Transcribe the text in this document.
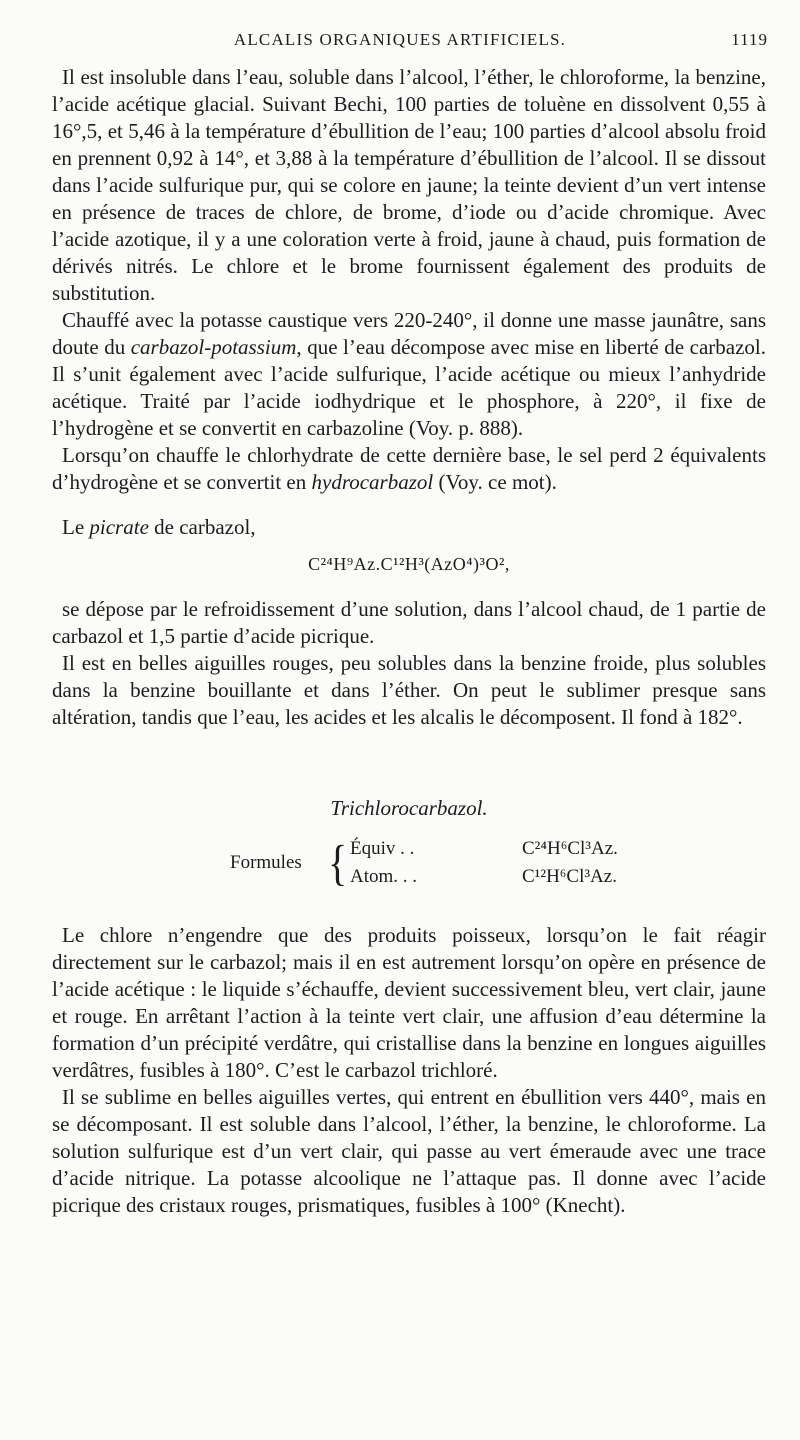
ALCALIS ORGANIQUES ARTIFICIELS.	1119

Il est insoluble dans l’eau, soluble dans l’alcool, l’éther, le chloroforme, la benzine, l’acide acétique glacial. Suivant Bechi, 100 parties de toluène en dissolvent 0,55 à 16°,5, et 5,46 à la température d’ébullition de l’eau; 100 parties d’alcool absolu froid en prennent 0,92 à 14°, et 3,88 à la température d’ébullition de l’alcool. Il se dissout dans l’acide sulfurique pur, qui se colore en jaune; la teinte devient d’un vert intense en présence de traces de chlore, de brome, d’iode ou d’acide chromique. Avec l’acide azotique, il y a une coloration verte à froid, jaune à chaud, puis formation de dérivés nitrés. Le chlore et le brome fournissent également des produits de substitution.

Chauffé avec la potasse caustique vers 220-240°, il donne une masse jaunâtre, sans doute du carbazol-potassium, que l’eau décompose avec mise en liberté de carbazol. Il s’unit également avec l’acide sulfurique, l’acide acétique ou mieux l’anhydride acétique. Traité par l’acide iodhydrique et le phosphore, à 220°, il fixe de l’hydrogène et se convertit en carbazoline (Voy. p. 888).

Lorsqu’on chauffe le chlorhydrate de cette dernière base, le sel perd 2 équivalents d’hydrogène et se convertit en hydrocarbazol (Voy. ce mot).

Le picrate de carbazol,

C²⁴H⁹Az.C¹²H³(AzO⁴)³O²,

se dépose par le refroidissement d’une solution, dans l’alcool chaud, de 1 partie de carbazol et 1,5 partie d’acide picrique.

Il est en belles aiguilles rouges, peu solubles dans la benzine froide, plus solubles dans la benzine bouillante et dans l’éther. On peut le sublimer presque sans altération, tandis que l’eau, les acides et les alcalis le décomposent. Il fond à 182°.

Trichlorocarbazol.
Formules { Équiv . .	C²⁴H⁶Cl³Az.
Atom. . .	C¹²H⁶Cl³Az.

Le chlore n’engendre que des produits poisseux, lorsqu’on le fait réagir directement sur le carbazol; mais il en est autrement lorsqu’on opère en présence de l’acide acétique : le liquide s’échauffe, devient successivement bleu, vert clair, jaune et rouge. En arrêtant l’action à la teinte vert clair, une affusion d’eau détermine la formation d’un précipité verdâtre, qui cristallise dans la benzine en longues aiguilles verdâtres, fusibles à 180°. C’est le carbazol trichloré.

Il se sublime en belles aiguilles vertes, qui entrent en ébullition vers 440°, mais en se décomposant. Il est soluble dans l’alcool, l’éther, la benzine, le chloroforme. La solution sulfurique est d’un vert clair, qui passe au vert émeraude avec une trace d’acide nitrique. La potasse alcoolique ne l’attaque pas. Il donne avec l’acide picrique des cristaux rouges, prismatiques, fusibles à 100° (Knecht).
